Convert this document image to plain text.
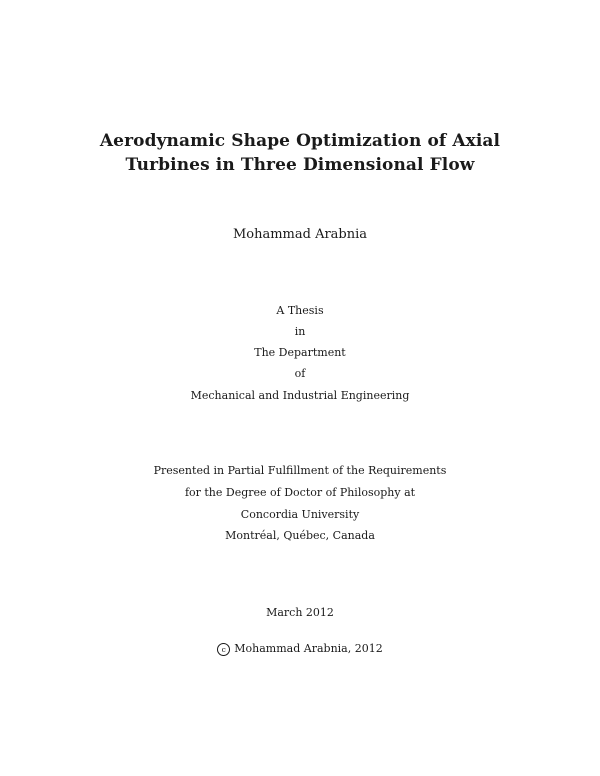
Aerodynamic Shape Optimization of Axial
Turbines in Three Dimensional Flow
Mohammad Arabnia
A Thesis
in
The Department
of
Mechanical and Industrial Engineering
Presented in Partial Fulfillment of the Requirements
for the Degree of Doctor of Philosophy at
Concordia University
Montréal, Québec, Canada
March 2012
c Mohammad Arabnia, 2012
